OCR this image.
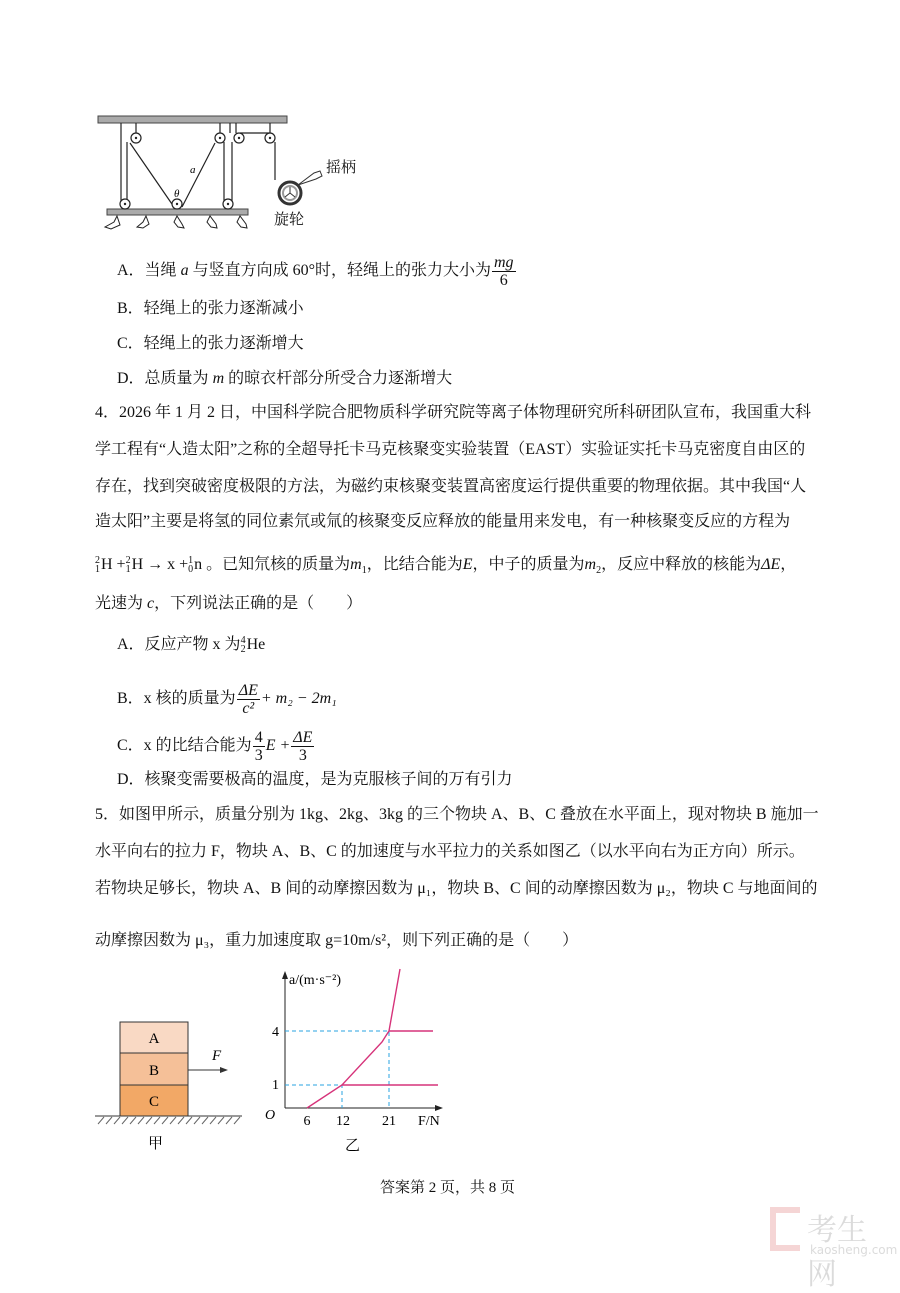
a
θ
摇柄
旋轮
A．当绳 a 与竖直方向成 60°时，轻绳上的张力大小为 $\frac{mg}{6}$
B．轻绳上的张力逐渐减小
C．轻绳上的张力逐渐增大
D．总质量为 m 的晾衣杆部分所受合力逐渐增大
4．2026 年 1 月 2 日，中国科学院合肥物质科学研究院等离子体物理研究所科研团队宣布，我国重大科
学工程有“人造太阳”之称的全超导托卡马克核聚变实验装置（EAST）实验证实托卡马克密度自由区的
存在，找到突破密度极限的方法，为磁约束核聚变装置高密度运行提供重要的物理依据。其中我国“人
造太阳”主要是将氢的同位素氘或氚的核聚变反应释放的能量用来发电，有一种核聚变反应的方程为
2
1 H + 2
1 H → x + 1
0 n 。已知氘核的质量为$m_1$，比结合能为E，中子的质量为$m_2$，反应中释放的核能为ΔE，
光速为 c，下列说法正确的是（　　）
A．反应产物 x 为 4
2 He
B．x 核的质量为 $\frac{\Delta E}{\text{c²}}+ m_2 - 2m_1$
C．x 的比结合能为 $\frac{4}{3}$ $E + \frac{\Delta E}{3}$
D．核聚变需要极高的温度，是为克服核子间的万有引力
5．如图甲所示，质量分别为 1kg、2kg、3kg 的三个物块 A、B、C 叠放在水平面上，现对物块 B 施加一
水平向右的拉力 F，物块 A、B、C 的加速度与水平拉力的关系如图乙（以水平向右为正方向）所示。
若物块足够长，物块 A、B 间的动摩擦因数为 μ₁，物块 B、C 间的动摩擦因数为 μ₂，物块 C 与地面间的
动摩擦因数为 μ₃，重力加速度取 g=10m/s²，则下列正确的是（　　）
A
B
C
F
甲
a/(m·s⁻²)
1
4
O 6 12 21 F/N
乙
答案第 2 页，共 8 页
考生网
kaosheng.com
